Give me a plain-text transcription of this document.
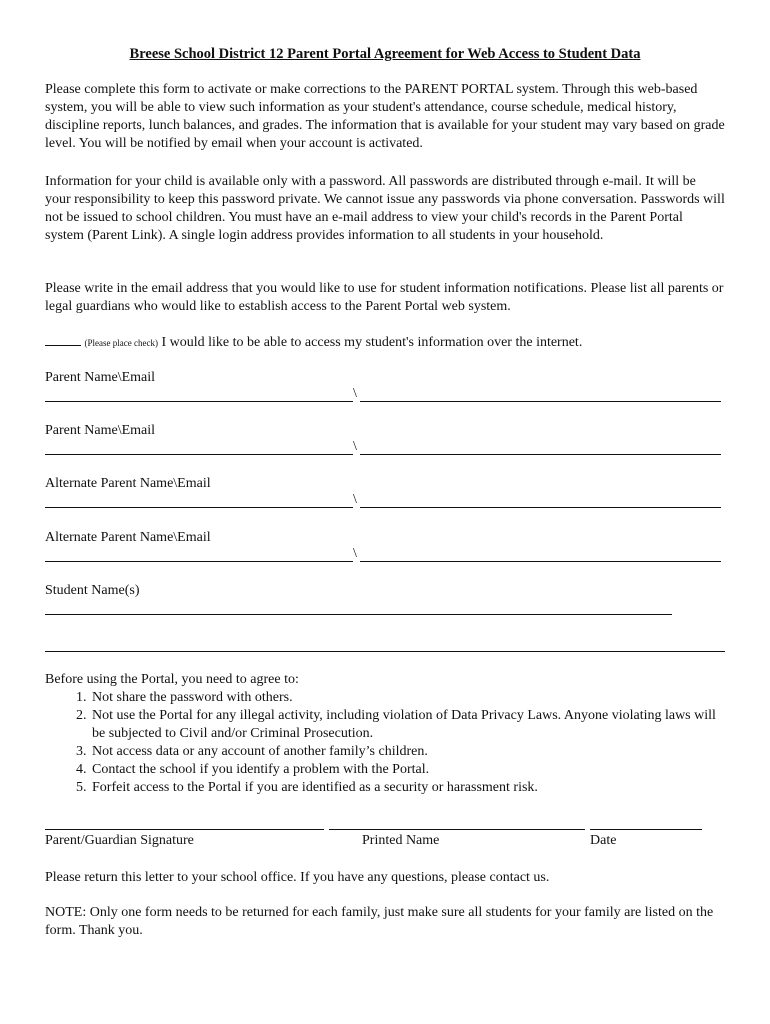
Breese School District 12 Parent Portal Agreement for Web Access to Student Data
Please complete this form to activate or make corrections to the PARENT PORTAL system. Through this web-based system, you will be able to view such information as your student's attendance, course schedule, medical history, discipline reports, lunch balances, and grades. The information that is available for your student may vary based on grade level. You will be notified by email when your account is activated.
Information for your child is available only with a password. All passwords are distributed through e-mail. It will be your responsibility to keep this password private. We cannot issue any passwords via phone conversation. Passwords will not be issued to school children. You must have an e-mail address to view your child's records in the Parent Portal system (Parent Link). A single login address provides information to all students in your household.
Please write in the email address that you would like to use for student information notifications. Please list all parents or legal guardians who would like to establish access to the Parent Portal web system.
(Please place check) I would like to be able to access my student's information over the internet.
Parent Name\Email
\
Parent Name\Email
\
Alternate Parent Name\Email
\
Alternate Parent Name\Email
\
Student Name(s)
Before using the Portal, you need to agree to:
1. Not share the password with others.
2. Not use the Portal for any illegal activity, including violation of Data Privacy Laws. Anyone violating laws will be subjected to Civil and/or Criminal Prosecution.
3. Not access data or any account of another family’s children.
4. Contact the school if you identify a problem with the Portal.
5. Forfeit access to the Portal if you are identified as a security or harassment risk.
Parent/Guardian Signature	Printed Name	Date
Please return this letter to your school office. If you have any questions, please contact us.
NOTE: Only one form needs to be returned for each family, just make sure all students for your family are listed on the form. Thank you.
